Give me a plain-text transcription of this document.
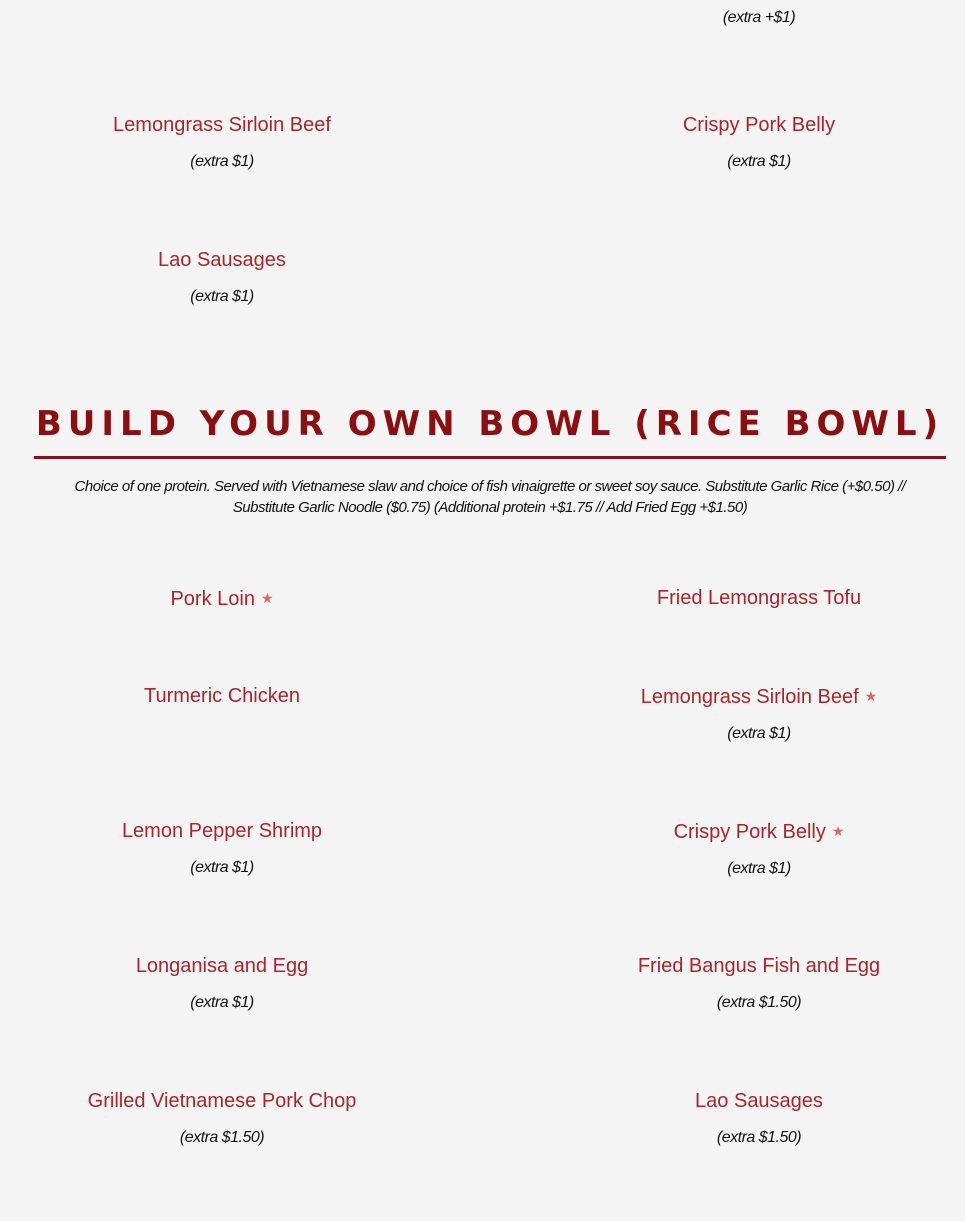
(extra +$1)
Lemongrass Sirloin Beef
(extra $1)
Crispy Pork Belly
(extra $1)
Lao Sausages
(extra $1)
BUILD YOUR OWN BOWL (RICE BOWL)
Choice of one protein. Served with Vietnamese slaw and choice of fish vinaigrette or sweet soy sauce. Substitute Garlic Rice (+$0.50) // Substitute Garlic Noodle ($0.75) (Additional protein +$1.75 // Add Fried Egg +$1.50)
Pork Loin ★	Fried Lemongrass Tofu
Turmeric Chicken	Lemongrass Sirloin Beef ★
(extra $1)
Lemon Pepper Shrimp
(extra $1)
Crispy Pork Belly ★
(extra $1)
Longanisa and Egg
(extra $1)
Fried Bangus Fish and Egg
(extra $1.50)
Grilled Vietnamese Pork Chop
(extra $1.50)
Lao Sausages
(extra $1.50)
